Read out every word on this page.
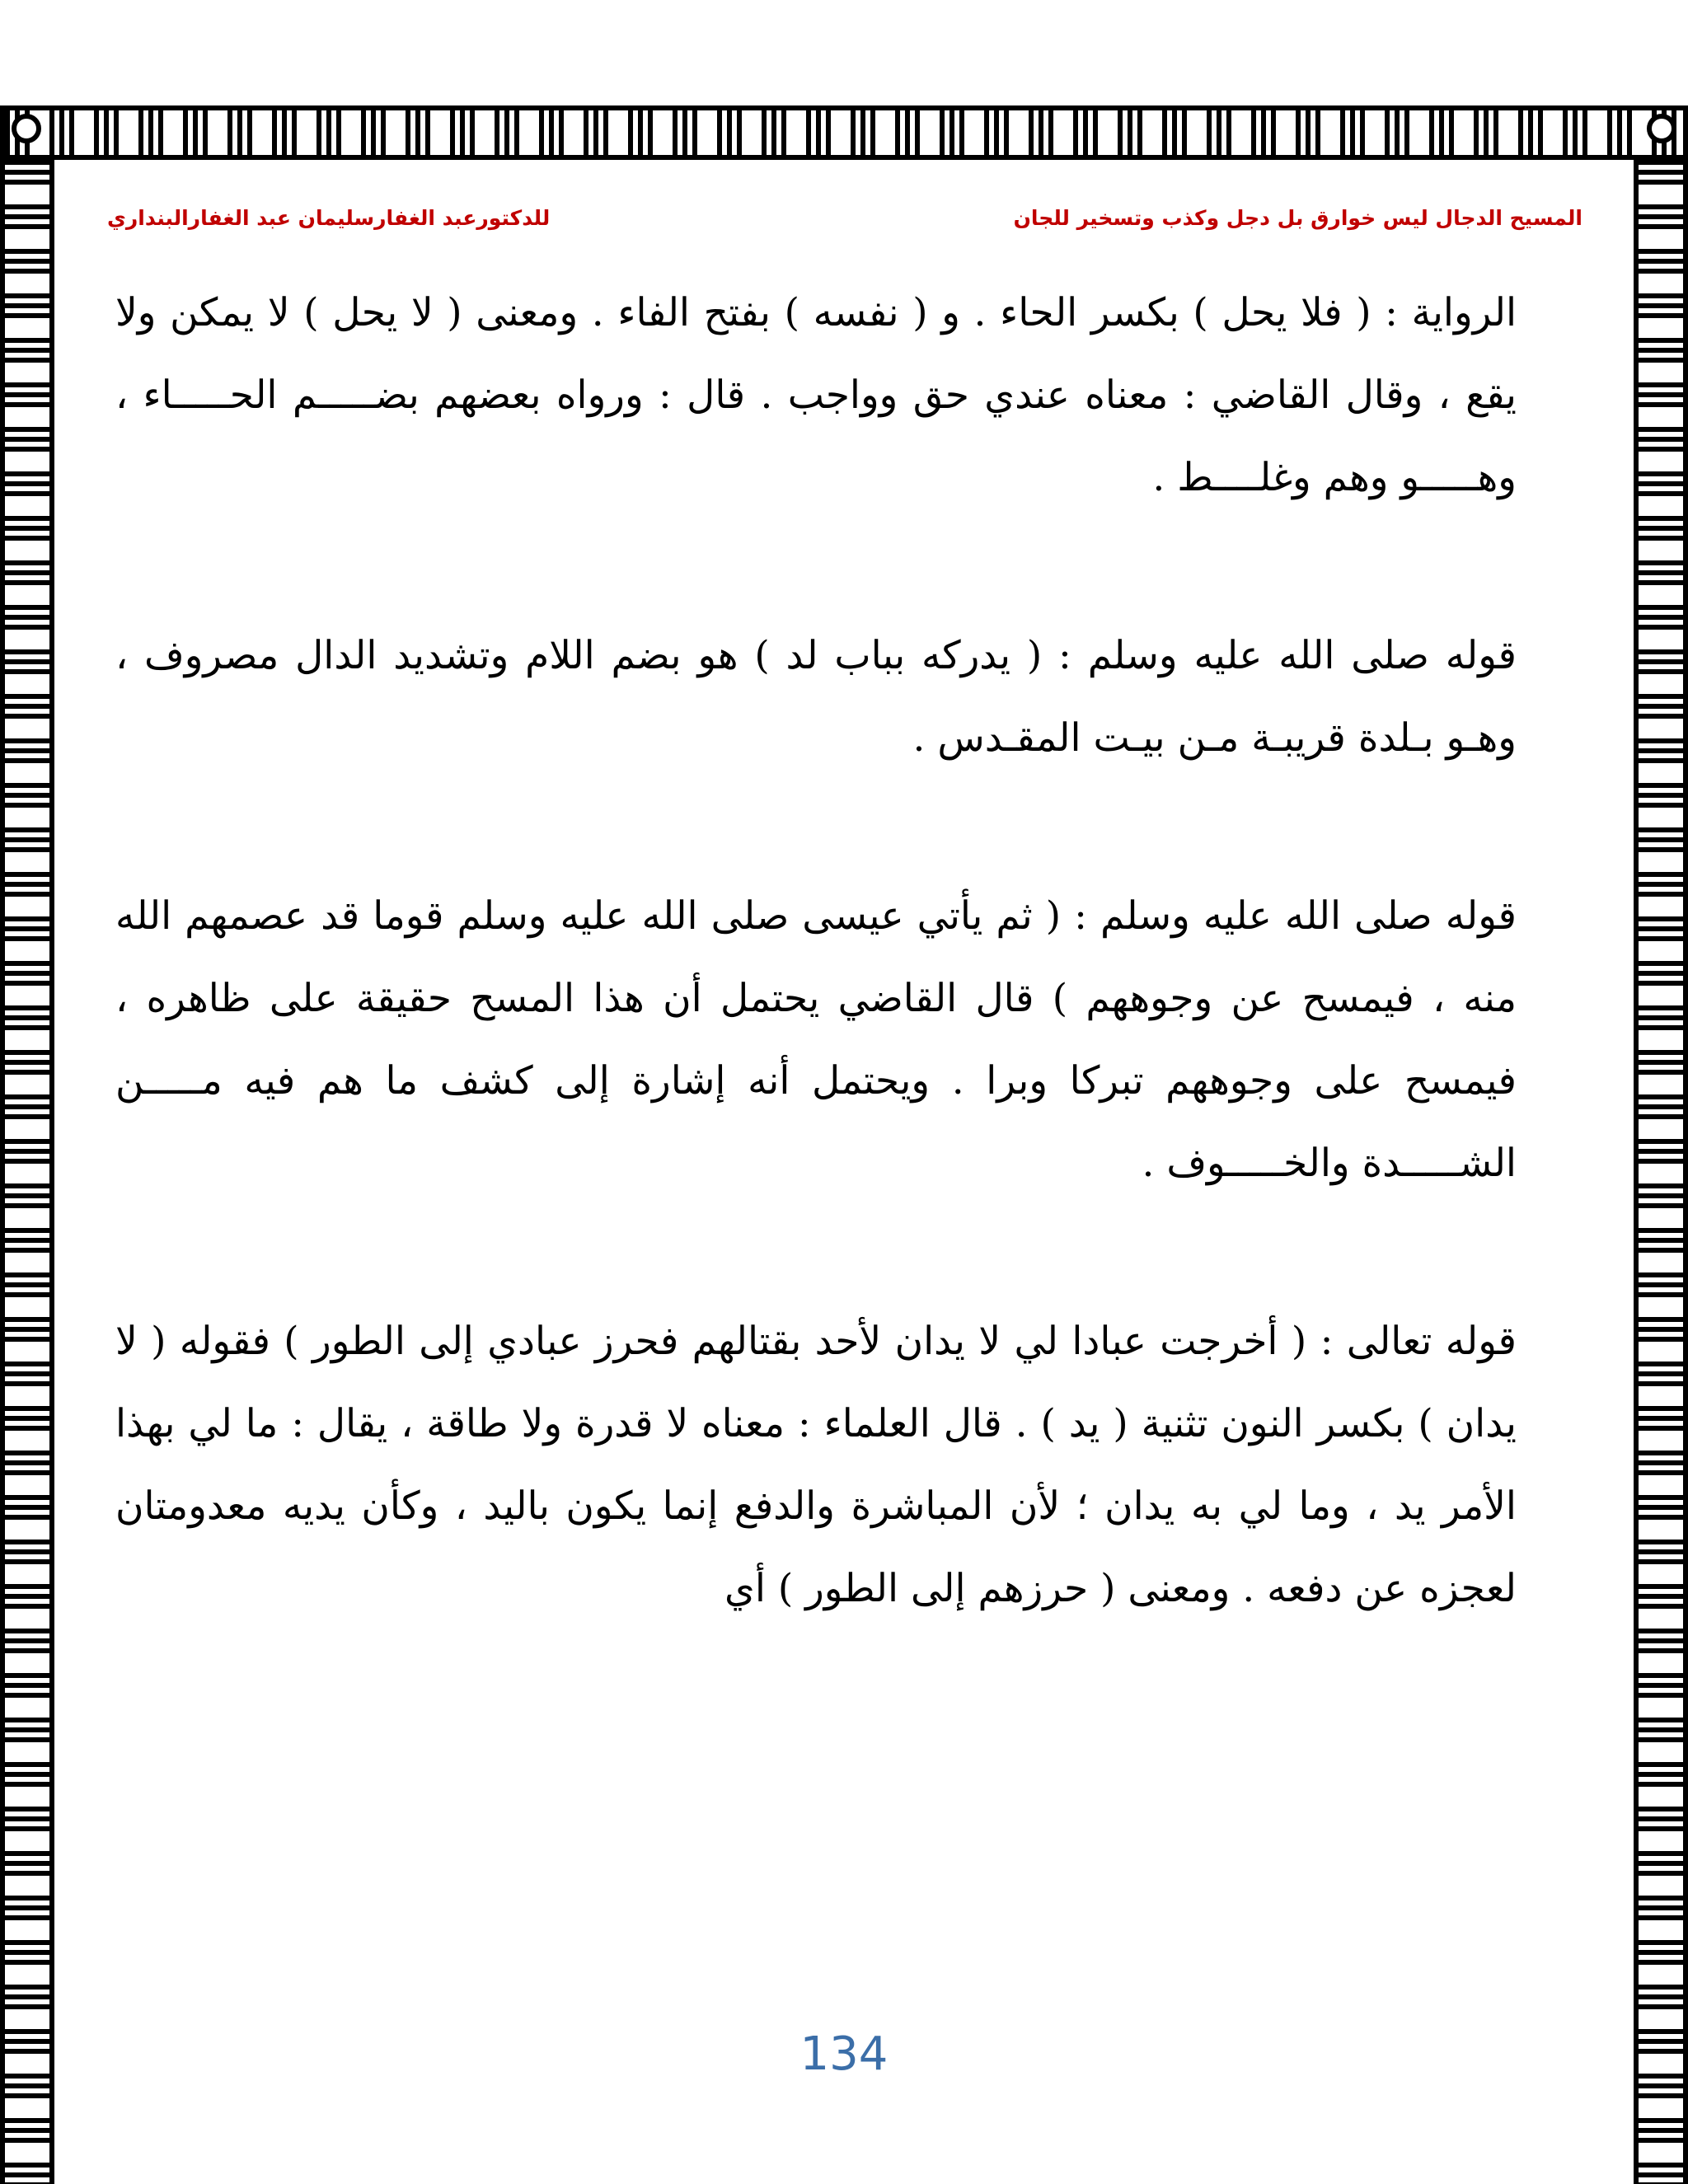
المسيح الدجال ليس خوارق بل دجل وكذب وتسخير للجان
للدكتورعبد الغفارسليمان عبد الغفارالبنداري

الرواية : ( فلا يحل ) بكسر الحاء . و ( نفسه ) بفتح الفاء . ومعنى ( لا يحل ) لا يمكن ولا يقع ، وقال القاضي : معناه عندي حق وواجب . قال : ورواه بعضهم بضـــــم الحـــــاء ، وهـــــو وهم وغلــــط .

قوله صلى الله عليه وسلم : ( يدركه بباب لد ) هو بضم اللام وتشديد الدال مصروف ، وهـو بـلدة قريبـة مـن بيـت المقـدس .

قوله صلى الله عليه وسلم : ( ثم يأتي عيسى صلى الله عليه وسلم قوما قد عصمهم الله منه ، فيمسح عن وجوههم ) قال القاضي يحتمل أن هذا المسح حقيقة على ظاهره ، فيمسح على وجوههم تبركا وبرا . ويحتمل أنه إشارة إلى كشف ما هم فيه مـــــن الشـــــدة والخـــــوف .

قوله تعالى : ( أخرجت عبادا لي لا يدان لأحد بقتالهم فحرز عبادي إلى الطور ) فقوله ( لا يدان ) بكسر النون تثنية ( يد ) . قال العلماء : معناه لا قدرة ولا طاقة ، يقال : ما لي بهذا الأمر يد ، وما لي به يدان ؛ لأن المباشرة والدفع إنما يكون باليد ، وكأن يديه معدومتان لعجزه عن دفعه . ومعنى ( حرزهم إلى الطور ) أي

134
